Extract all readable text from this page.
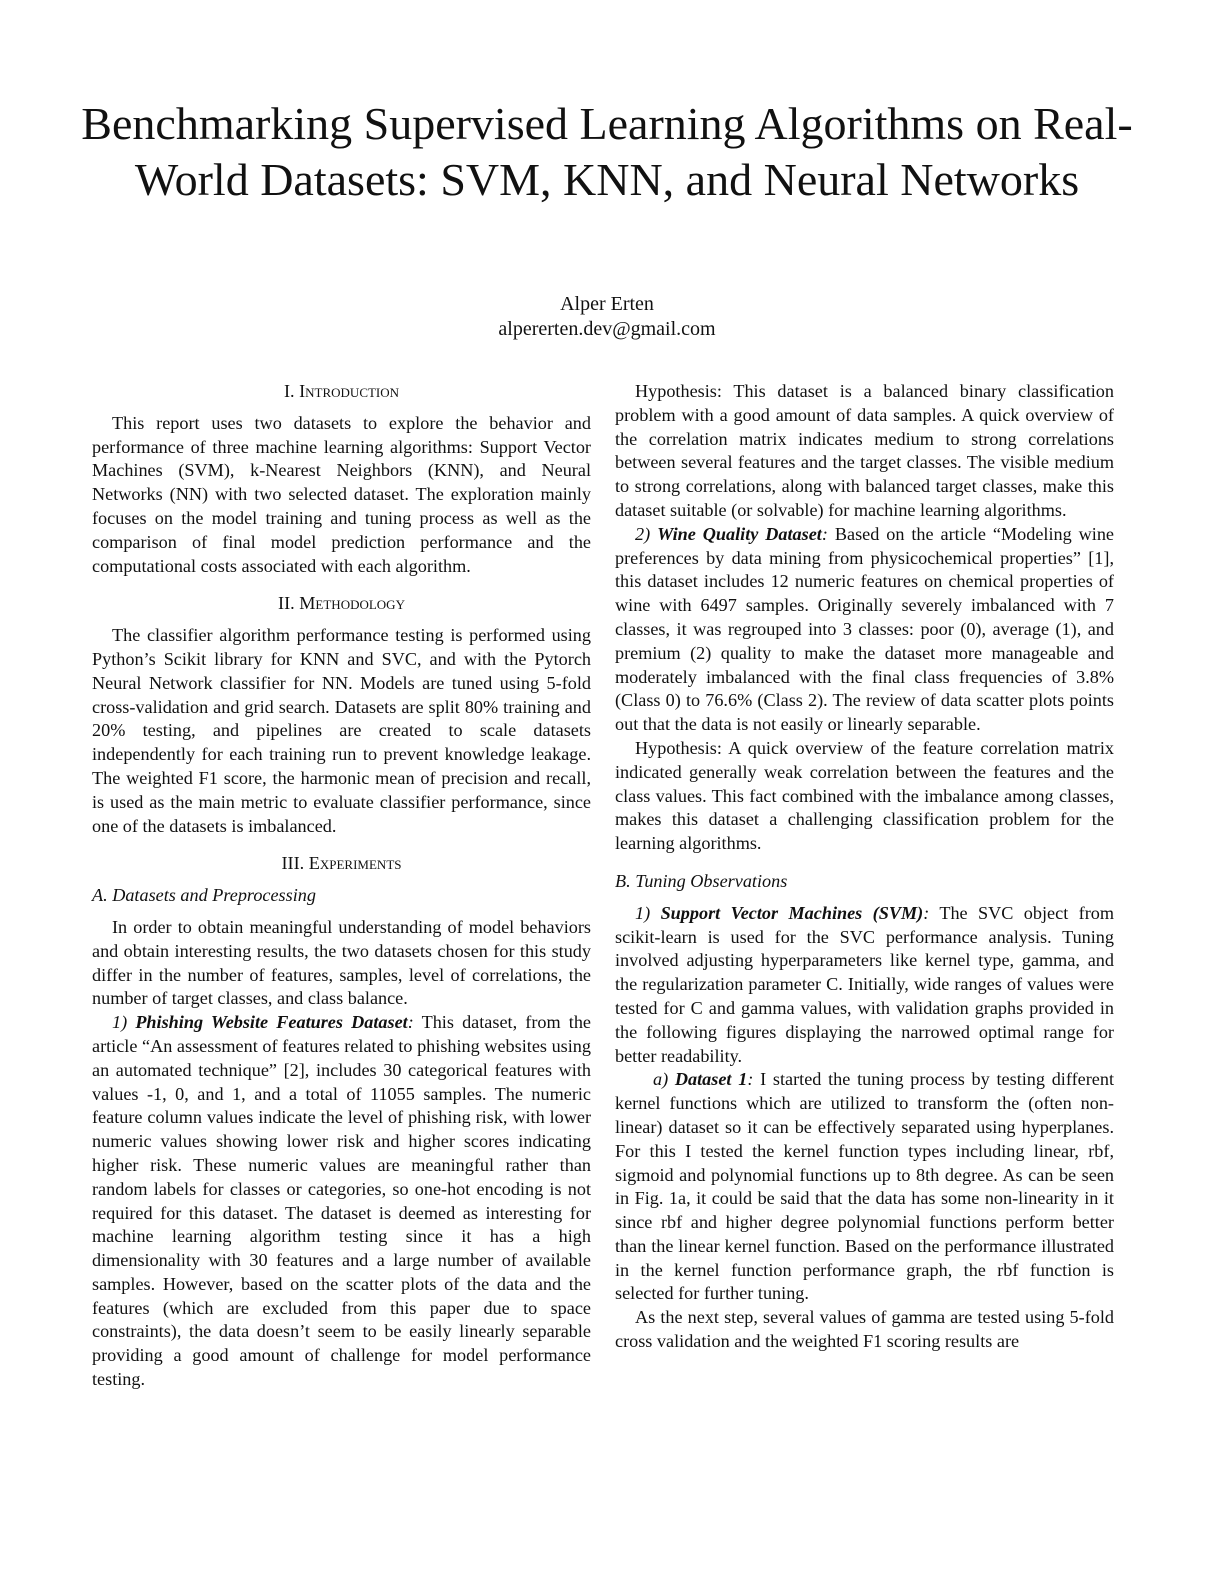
Benchmarking Supervised Learning Algorithms on Real-World Datasets: SVM, KNN, and Neural Networks
Alper Erten
alpererten.dev@gmail.com
I. Introduction

This report uses two datasets to explore the behavior and performance of three machine learning algorithms: Support Vector Machines (SVM), k-Nearest Neighbors (KNN), and Neural Networks (NN) with two selected dataset. The exploration mainly focuses on the model training and tuning process as well as the comparison of final model prediction performance and the computational costs associated with each algorithm.

II. Methodology

The classifier algorithm performance testing is performed using Python’s Scikit library for KNN and SVC, and with the Pytorch Neural Network classifier for NN. Models are tuned using 5-fold cross-validation and grid search. Datasets are split 80% training and 20% testing, and pipelines are created to scale datasets independently for each training run to prevent knowledge leakage. The weighted F1 score, the harmonic mean of precision and recall, is used as the main metric to evaluate classifier performance, since one of the datasets is imbalanced.

III. Experiments
A. Datasets and Preprocessing

In order to obtain meaningful understanding of model behaviors and obtain interesting results, the two datasets chosen for this study differ in the number of features, samples, level of correlations, the number of target classes, and class balance.

1) Phishing Website Features Dataset: This dataset, from the article “An assessment of features related to phishing websites using an automated technique” [2], includes 30 categorical features with values -1, 0, and 1, and a total of 11055 samples. The numeric feature column values indicate the level of phishing risk, with lower numeric values showing lower risk and higher scores indicating higher risk. These numeric values are meaningful rather than random labels for classes or categories, so one-hot encoding is not required for this dataset. The dataset is deemed as interesting for machine learning algorithm testing since it has a high dimensionality with 30 features and a large number of available samples. However, based on the scatter plots of the data and the features (which are excluded from this paper due to space constraints), the data doesn’t seem to be easily linearly separable providing a good amount of challenge for model performance testing.

Hypothesis: This dataset is a balanced binary classification problem with a good amount of data samples. A quick overview of the correlation matrix indicates medium to strong correlations between several features and the target classes. The visible medium to strong correlations, along with balanced target classes, make this dataset suitable (or solvable) for machine learning algorithms.

2) Wine Quality Dataset: Based on the article “Modeling wine preferences by data mining from physicochemical properties” [1], this dataset includes 12 numeric features on chemical properties of wine with 6497 samples. Originally severely imbalanced with 7 classes, it was regrouped into 3 classes: poor (0), average (1), and premium (2) quality to make the dataset more manageable and moderately imbalanced with the final class frequencies of 3.8% (Class 0) to 76.6% (Class 2). The review of data scatter plots points out that the data is not easily or linearly separable.

Hypothesis: A quick overview of the feature correlation matrix indicated generally weak correlation between the features and the class values. This fact combined with the imbalance among classes, makes this dataset a challenging classification problem for the learning algorithms.

B. Tuning Observations

1) Support Vector Machines (SVM): The SVC object from scikit-learn is used for the SVC performance analysis. Tuning involved adjusting hyperparameters like kernel type, gamma, and the regularization parameter C. Initially, wide ranges of values were tested for C and gamma values, with validation graphs provided in the following figures displaying the narrowed optimal range for better readability.

a) Dataset 1: I started the tuning process by testing different kernel functions which are utilized to transform the (often non-linear) dataset so it can be effectively separated using hyperplanes. For this I tested the kernel function types including linear, rbf, sigmoid and polynomial functions up to 8th degree. As can be seen in Fig. 1a, it could be said that the data has some non-linearity in it since rbf and higher degree polynomial functions perform better than the linear kernel function. Based on the performance illustrated in the kernel function performance graph, the rbf function is selected for further tuning.

As the next step, several values of gamma are tested using 5-fold cross validation and the weighted F1 scoring results are
